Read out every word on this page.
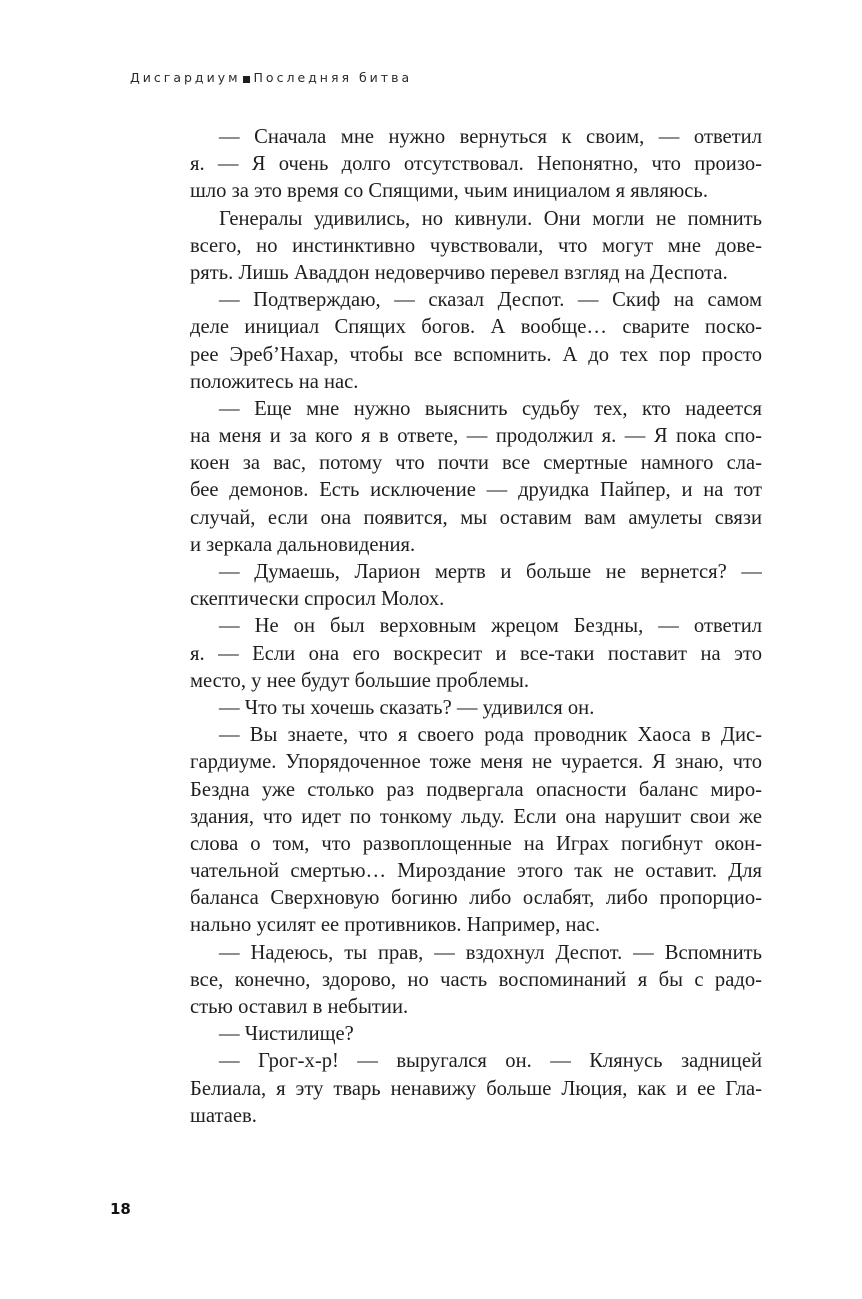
Дисгардиум Последняя битва

— Сначала мне нужно вернуться к своим, — ответил
я. — Я очень долго отсутствовал. Непонятно, что произо-
шло за это время со Спящими, чьим инициалом я являюсь.

Генералы удивились, но кивнули. Они могли не помнить
всего, но инстинктивно чувствовали, что могут мне дове-
рять. Лишь Аваддон недоверчиво перевел взгляд на Деспота.

— Подтверждаю, — сказал Деспот. — Скиф на самом
деле инициал Спящих богов. А вообще… сварите поско-
рее Эреб’Нахар, чтобы все вспомнить. А до тех пор просто
положитесь на нас.

— Еще мне нужно выяснить судьбу тех, кто надеется
на меня и за кого я в ответе, — продолжил я. — Я пока спо-
коен за вас, потому что почти все смертные намного сла-
бее демонов. Есть исключение — друидка Пайпер, и на тот
случай, если она появится, мы оставим вам амулеты связи
и зеркала дальновидения.

— Думаешь, Ларион мертв и больше не вернется? —
скептически спросил Молох.

— Не он был верховным жрецом Бездны, — ответил
я. — Если она его воскресит и все-таки поставит на это
место, у нее будут большие проблемы.

— Что ты хочешь сказать? — удивился он.

— Вы знаете, что я своего рода проводник Хаоса в Дис-
гардиуме. Упорядоченное тоже меня не чурается. Я знаю, что
Бездна уже столько раз подвергала опасности баланс миро-
здания, что идет по тонкому льду. Если она нарушит свои же
слова о том, что развоплощенные на Играх погибнут окон-
чательной смертью… Мироздание этого так не оставит. Для
баланса Сверхновую богиню либо ослабят, либо пропорцио-
нально усилят ее противников. Например, нас.

— Надеюсь, ты прав, — вздохнул Деспот. — Вспомнить
все, конечно, здорово, но часть воспоминаний я бы с радо-
стью оставил в небытии.

— Чистилище?

— Грог-х-р! — выругался он. — Клянусь задницей
Белиала, я эту тварь ненавижу больше Люция, как и ее Гла-
шатаев.

18
